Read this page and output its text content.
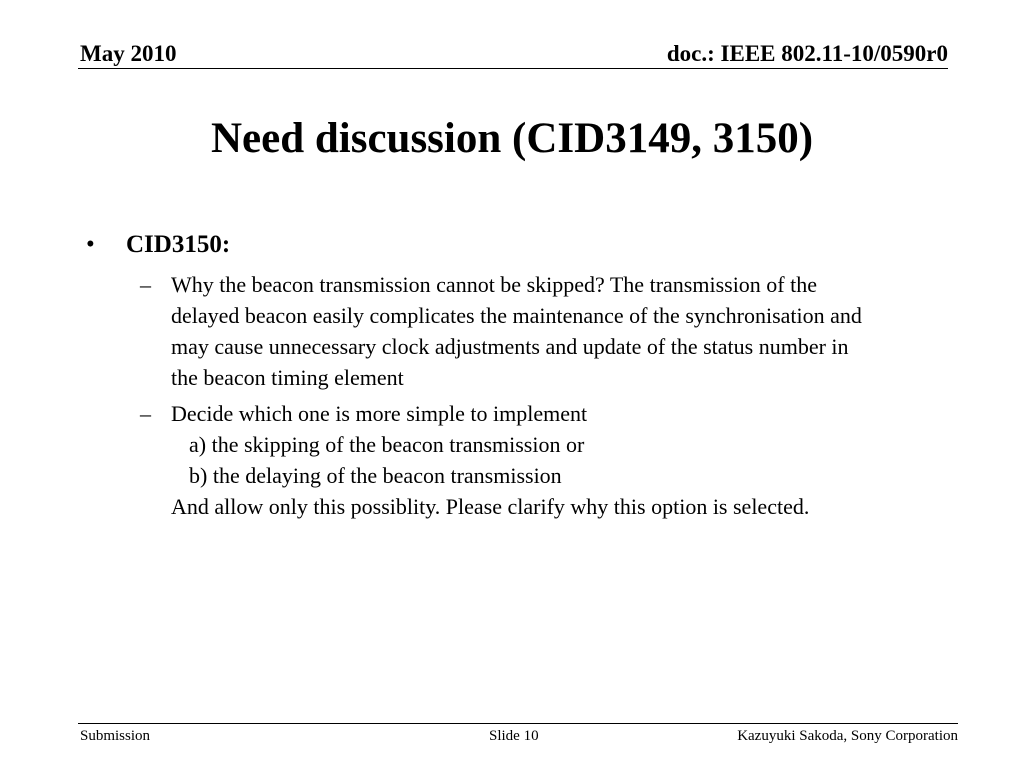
May 2010	doc.: IEEE 802.11-10/0590r0
Need discussion (CID3149, 3150)
• CID3150:
– Why the beacon transmission cannot be skipped? The transmission of the
delayed beacon easily complicates the maintenance of the synchronisation and
may cause unnecessary clock adjustments and update of the status number in
the beacon timing element
– Decide which one is more simple to implement
a) the skipping of the beacon transmission or
b) the delaying of the beacon transmission
And allow only this possiblity. Please clarify why this option is selected.
Submission	Slide 10	Kazuyuki Sakoda, Sony Corporation
